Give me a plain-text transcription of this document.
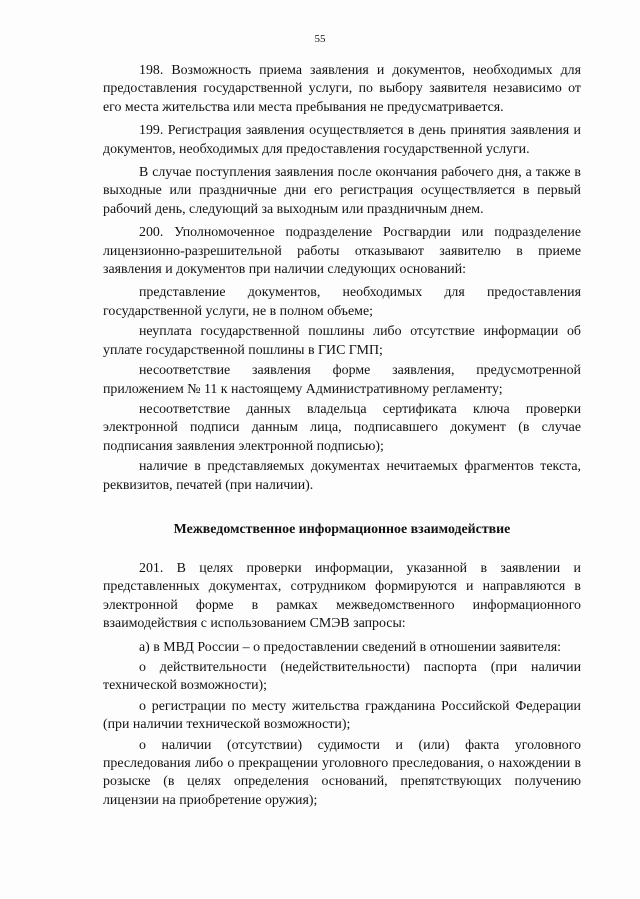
55

198. Возможность приема заявления и документов, необходимых для предоставления государственной услуги, по выбору заявителя независимо от его места жительства или места пребывания не предусматривается.

199. Регистрация заявления осуществляется в день принятия заявления и документов, необходимых для предоставления государственной услуги.

В случае поступления заявления после окончания рабочего дня, а также в выходные или праздничные дни его регистрация осуществляется в первый рабочий день, следующий за выходным или праздничным днем.

200. Уполномоченное подразделение Росгвардии или подразделение лицензионно-разрешительной работы отказывают заявителю в приеме заявления и документов при наличии следующих оснований:

представление документов, необходимых для предоставления государственной услуги, не в полном объеме;

неуплата государственной пошлины либо отсутствие информации об уплате государственной пошлины в ГИС ГМП;

несоответствие заявления форме заявления, предусмотренной приложением № 11 к настоящему Административному регламенту;

несоответствие данных владельца сертификата ключа проверки электронной подписи данным лица, подписавшего документ (в случае подписания заявления электронной подписью);

наличие в представляемых документах нечитаемых фрагментов текста, реквизитов, печатей (при наличии).

Межведомственное информационное взаимодействие

201. В целях проверки информации, указанной в заявлении и представленных документах, сотрудником формируются и направляются в электронной форме в рамках межведомственного информационного взаимодействия с использованием СМЭВ запросы:

а) в МВД России – о предоставлении сведений в отношении заявителя:

о действительности (недействительности) паспорта (при наличии технической возможности);

о регистрации по месту жительства гражданина Российской Федерации (при наличии технической возможности);

о наличии (отсутствии) судимости и (или) факта уголовного преследования либо о прекращении уголовного преследования, о нахождении в розыске (в целях определения оснований, препятствующих получению лицензии на приобретение оружия);
